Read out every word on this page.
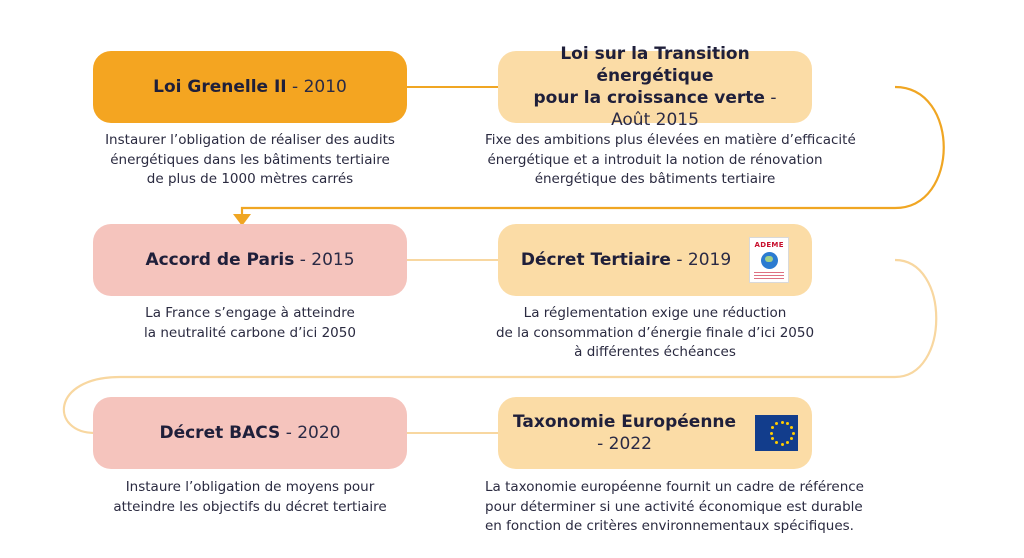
Loi Grenelle II - 2010
Instaurer l’obligation de réaliser des audits
énergétiques dans les bâtiments tertiaire
de plus de 1000 mètres carrés
Loi sur la Transition énergétique
pour la croissance verte - Août 2015
Fixe des ambitions plus élevées en matière d’efficacité
énergétique et a introduit la notion de rénovation
énergétique des bâtiments tertiaire
Accord de Paris - 2015
La France s’engage à atteindre
la neutralité carbone d’ici 2050
Décret Tertiaire - 2019
ADEME
La réglementation exige une réduction
de la consommation d’énergie finale d’ici 2050
à différentes échéances
Décret BACS - 2020
Instaure l’obligation de moyens pour
atteindre les objectifs du décret tertiaire
Taxonomie Européenne - 2022
La taxonomie européenne fournit un cadre de référence
pour déterminer si une activité économique est durable
en fonction de critères environnementaux spécifiques.
